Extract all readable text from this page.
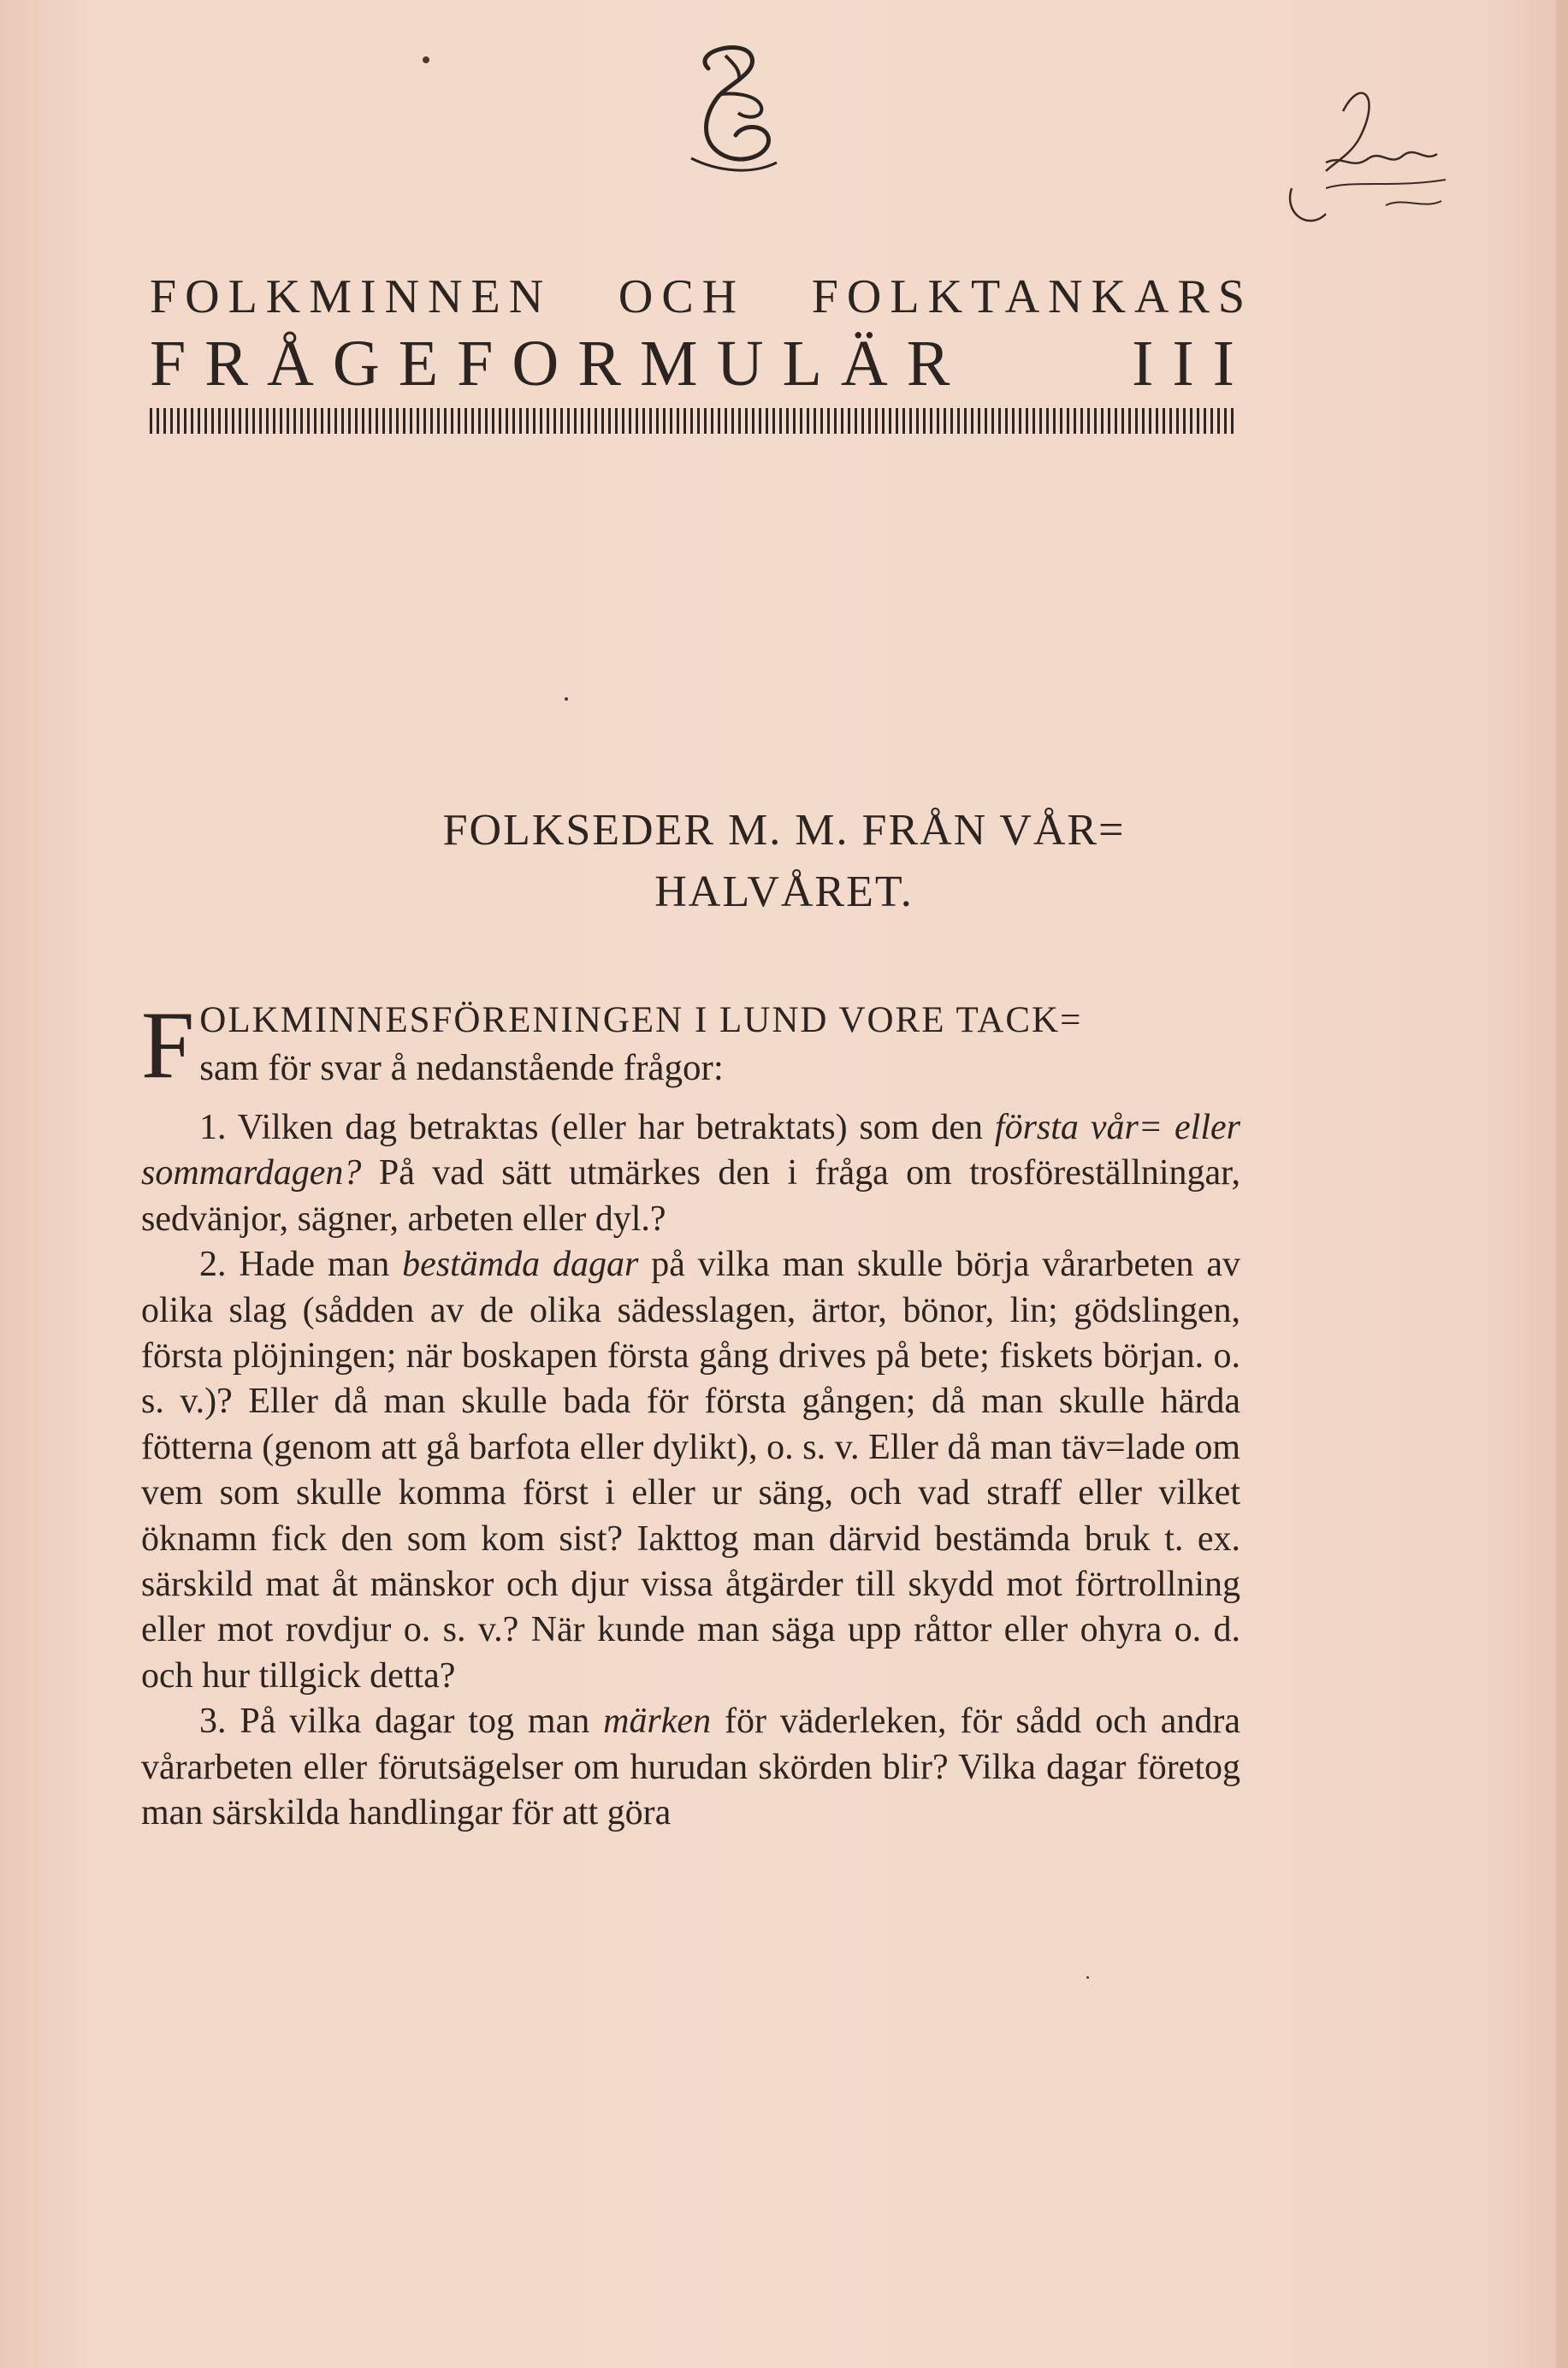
FOLKMINNEN OCH FOLKTANKARS
FRÅGEFORMULÄR III
FOLKSEDER M. M. FRÅN VÅR=
HALVÅRET.
F OLKMINNESFÖRENINGEN I LUND VORE TACK=
sam för svar å nedanstående frågor:

1. Vilken dag betraktas (eller har betraktats) som den första vår= eller sommardagen? På vad sätt utmärkes den i fråga om trosföreställningar, sedvänjor, sägner, arbeten eller dyl.?

2. Hade man bestämda dagar på vilka man skulle börja vårarbeten av olika slag (sådden av de olika sädesslagen, ärtor, bönor, lin; gödslingen, första plöjningen; när boskapen första gång drives på bete; fiskets början. o. s. v.)? Eller då man skulle bada för första gången; då man skulle härda fötterna (genom att gå barfota eller dylikt), o. s. v. Eller då man täv=lade om vem som skulle komma först i eller ur säng, och vad straff eller vilket öknamn fick den som kom sist? Iakttog man därvid bestämda bruk t. ex. särskild mat åt mänskor och djur vissa åtgärder till skydd mot förtrollning eller mot rovdjur o. s. v.? När kunde man säga upp råttor eller ohyra o. d. och hur tillgick detta?

3. På vilka dagar tog man märken för väderleken, för sådd och andra vårarbeten eller förutsägelser om hurudan skörden blir? Vilka dagar företog man särskilda handlingar för att göra
